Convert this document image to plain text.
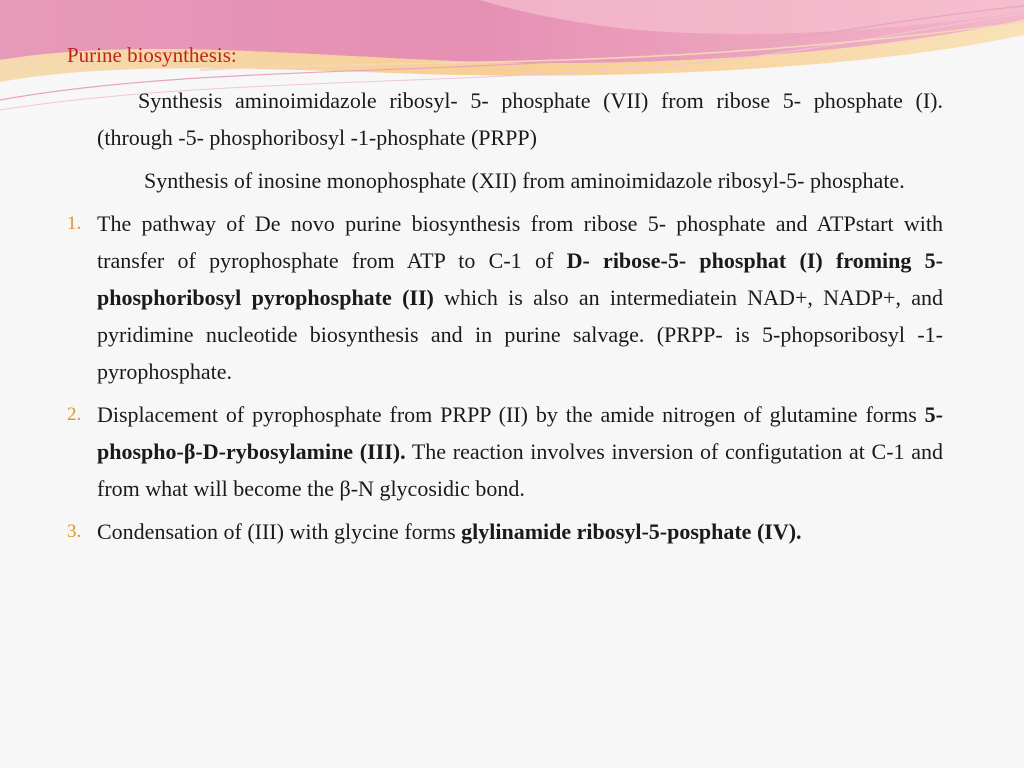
Purine biosynthesis:

Synthesis aminoimidazole ribosyl- 5- phosphate (VII) from ribose 5- phosphate (I). (through -5- phosphoribosyl -1-phosphate (PRPP)

Synthesis of inosine monophosphate (XII) from aminoimidazole ribosyl-5- phosphate.

1. The pathway of De novo purine biosynthesis from ribose 5- phosphate and ATPstart with transfer of pyrophosphate from ATP to C-1 of D- ribose-5- phosphat (I) froming 5-phosphoribosyl pyrophosphate (II) which is also an intermediatein NAD+, NADP+, and pyridimine nucleotide biosynthesis and in purine salvage. (PRPP- is 5-phopsoribosyl -1-pyrophosphate.
2. Displacement of pyrophosphate from PRPP (II) by the amide nitrogen of glutamine forms 5-phospho-β-D-rybosylamine (III). The reaction involves inversion of configutation at C-1 and from what will become the β-N glycosidic bond.
3. Condensation of (III) with glycine forms glylinamide ribosyl-5-posphate (IV).
